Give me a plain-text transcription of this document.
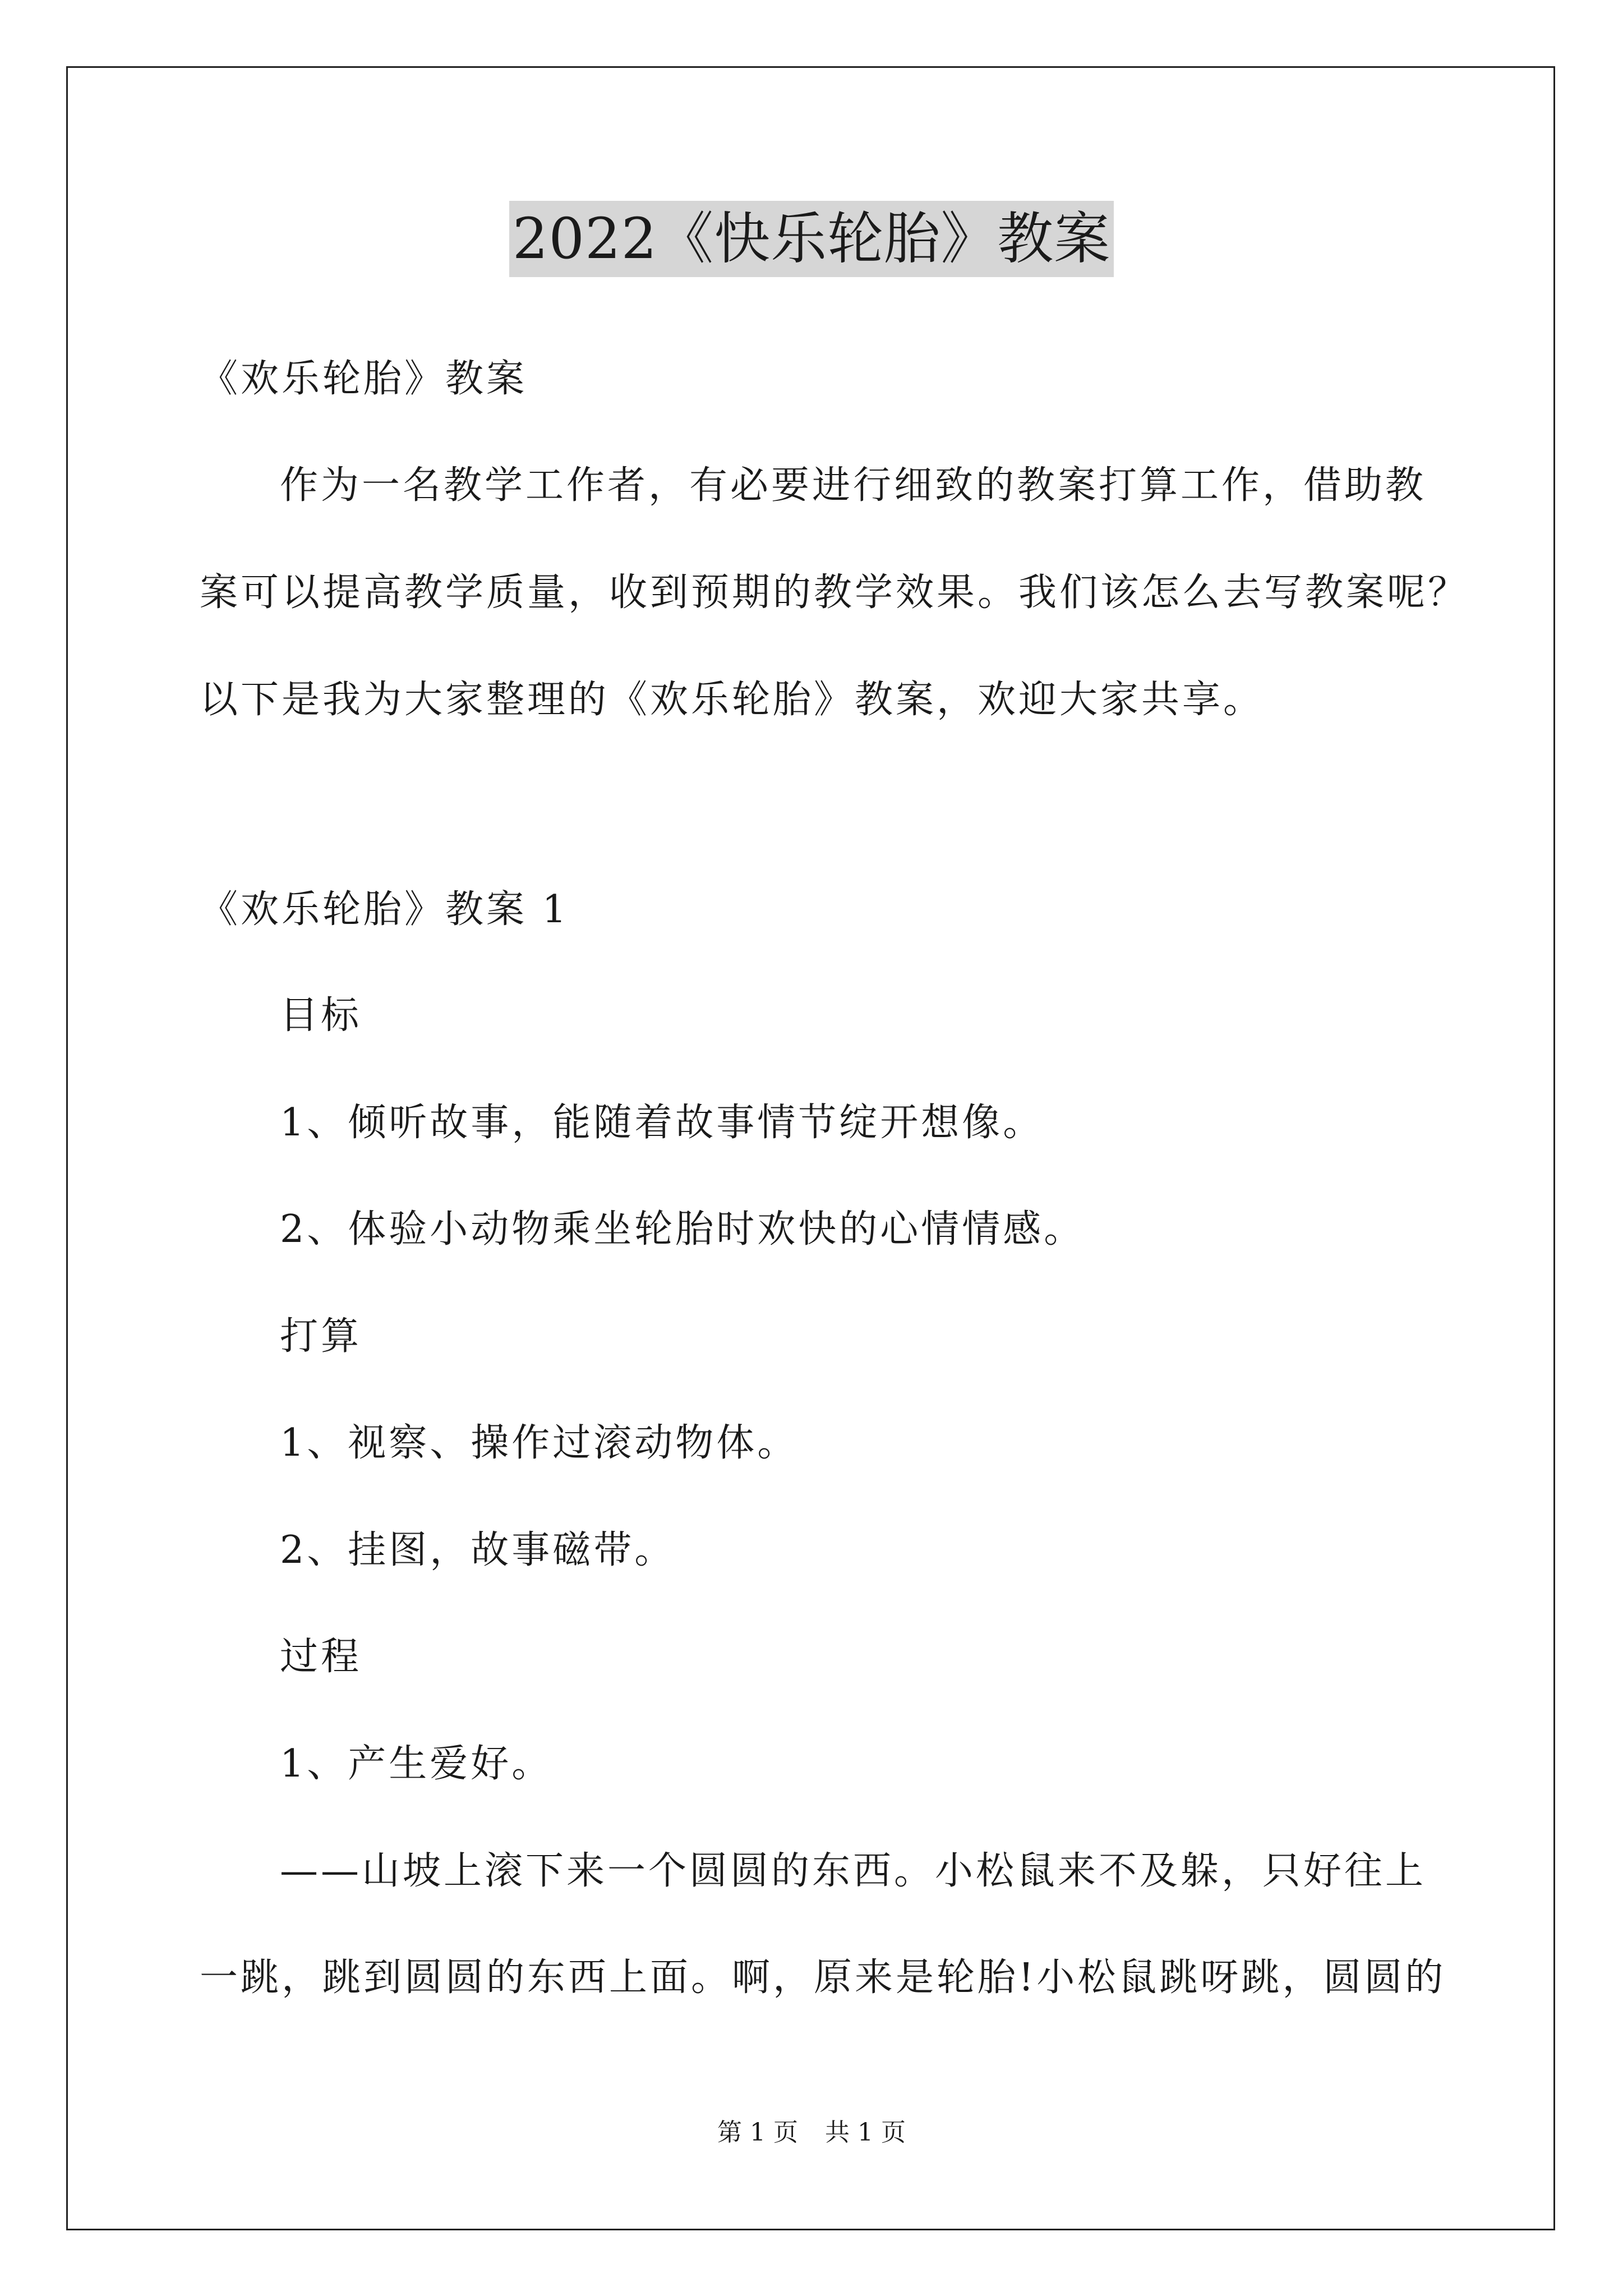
2022《快乐轮胎》教案
《欢乐轮胎》教案
作为一名教学工作者，有必要进行细致的教案打算工作，借助教
案可以提高教学质量，收到预期的教学效果。我们该怎么去写教案呢？
以下是我为大家整理的《欢乐轮胎》教案，欢迎大家共享。
《欢乐轮胎》教案 1
目标
1、倾听故事，能随着故事情节绽开想像。
2、体验小动物乘坐轮胎时欢快的心情情感。
打算
1、视察、操作过滚动物体。
2、挂图，故事磁带。
过程
1、产生爱好。
——山坡上滚下来一个圆圆的东西。小松鼠来不及躲，只好往上
一跳，跳到圆圆的东西上面。啊，原来是轮胎!小松鼠跳呀跳，圆圆的
第 1 页 共 1 页
